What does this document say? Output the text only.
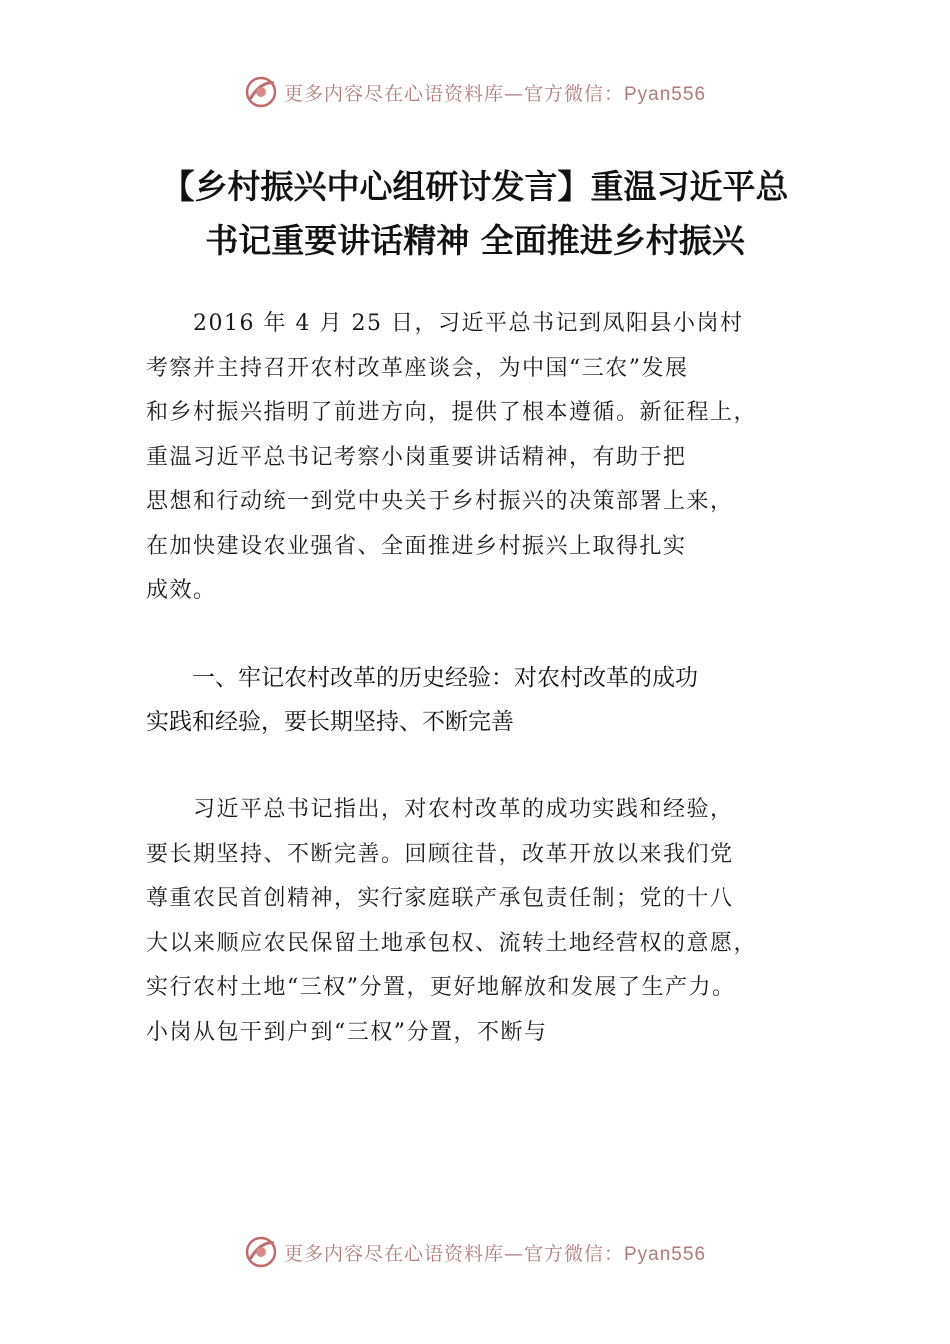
更多内容尽在心语资料库—官方微信：Pyan556
【乡村振兴中心组研讨发言】重温习近平总
书记重要讲话精神 全面推进乡村振兴
　　2016 年 4 月 25 日，习近平总书记到凤阳县小岗村
考察并主持召开农村改革座谈会，为中国“三农”发展
和乡村振兴指明了前进方向，提供了根本遵循。新征程上，
重温习近平总书记考察小岗重要讲话精神，有助于把
思想和行动统一到党中央关于乡村振兴的决策部署上来，
在加快建设农业强省、全面推进乡村振兴上取得扎实
成效。
　　一、牢记农村改革的历史经验：对农村改革的成功
实践和经验，要长期坚持、不断完善
　　习近平总书记指出，对农村改革的成功实践和经验，
要长期坚持、不断完善。回顾往昔，改革开放以来我们党
尊重农民首创精神，实行家庭联产承包责任制；党的十八
大以来顺应农民保留土地承包权、流转土地经营权的意愿，
实行农村土地“三权”分置，更好地解放和发展了生产力。
小岗从包干到户到“三权”分置，不断与
更多内容尽在心语资料库—官方微信：Pyan556
